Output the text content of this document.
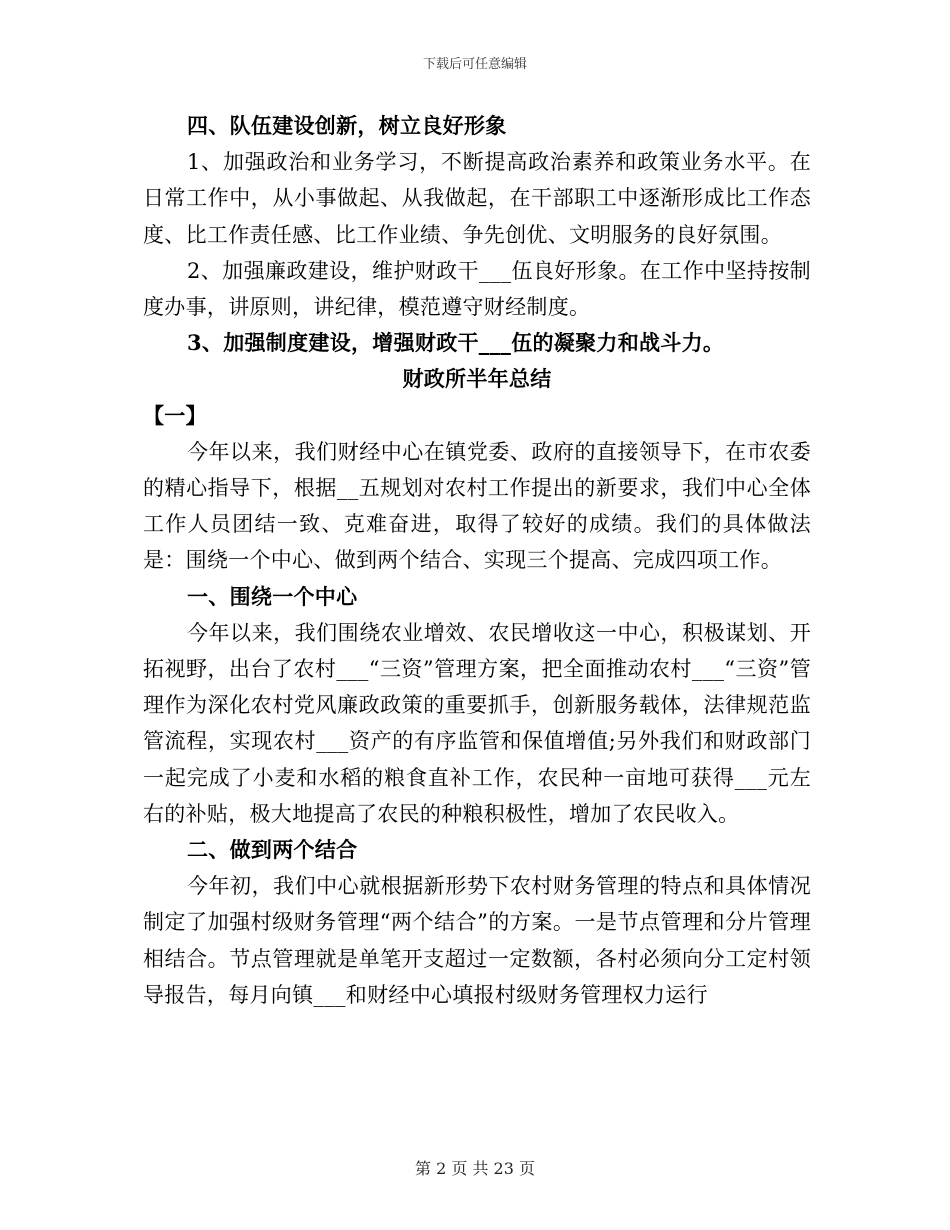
下载后可任意编辑

四、队伍建设创新，树立良好形象

1、加强政治和业务学习，不断提高政治素养和政策业务水平。在日常工作中，从小事做起、从我做起，在干部职工中逐渐形成比工作态度、比工作责任感、比工作业绩、争先创优、文明服务的良好氛围。

2、加强廉政建设，维护财政干___伍良好形象。在工作中坚持按制度办事，讲原则，讲纪律，模范遵守财经制度。

3、加强制度建设，增强财政干___伍的凝聚力和战斗力。

财政所半年总结

【一】

今年以来，我们财经中心在镇党委、政府的直接领导下，在市农委的精心指导下，根据__五规划对农村工作提出的新要求，我们中心全体工作人员团结一致、克难奋进，取得了较好的成绩。我们的具体做法是：围绕一个中心、做到两个结合、实现三个提高、完成四项工作。

一、围绕一个中心

今年以来，我们围绕农业增效、农民增收这一中心，积极谋划、开拓视野，出台了农村___“三资”管理方案，把全面推动农村___“三资”管理作为深化农村党风廉政政策的重要抓手，创新服务载体，法律规范监管流程，实现农村___资产的有序监管和保值增值;另外我们和财政部门一起完成了小麦和水稻的粮食直补工作，农民种一亩地可获得___元左右的补贴，极大地提高了农民的种粮积极性，增加了农民收入。

二、做到两个结合

今年初，我们中心就根据新形势下农村财务管理的特点和具体情况制定了加强村级财务管理“两个结合”的方案。一是节点管理和分片管理相结合。节点管理就是单笔开支超过一定数额，各村必须向分工定村领导报告，每月向镇___和财经中心填报村级财务管理权力运行

第 2 页 共 23 页
